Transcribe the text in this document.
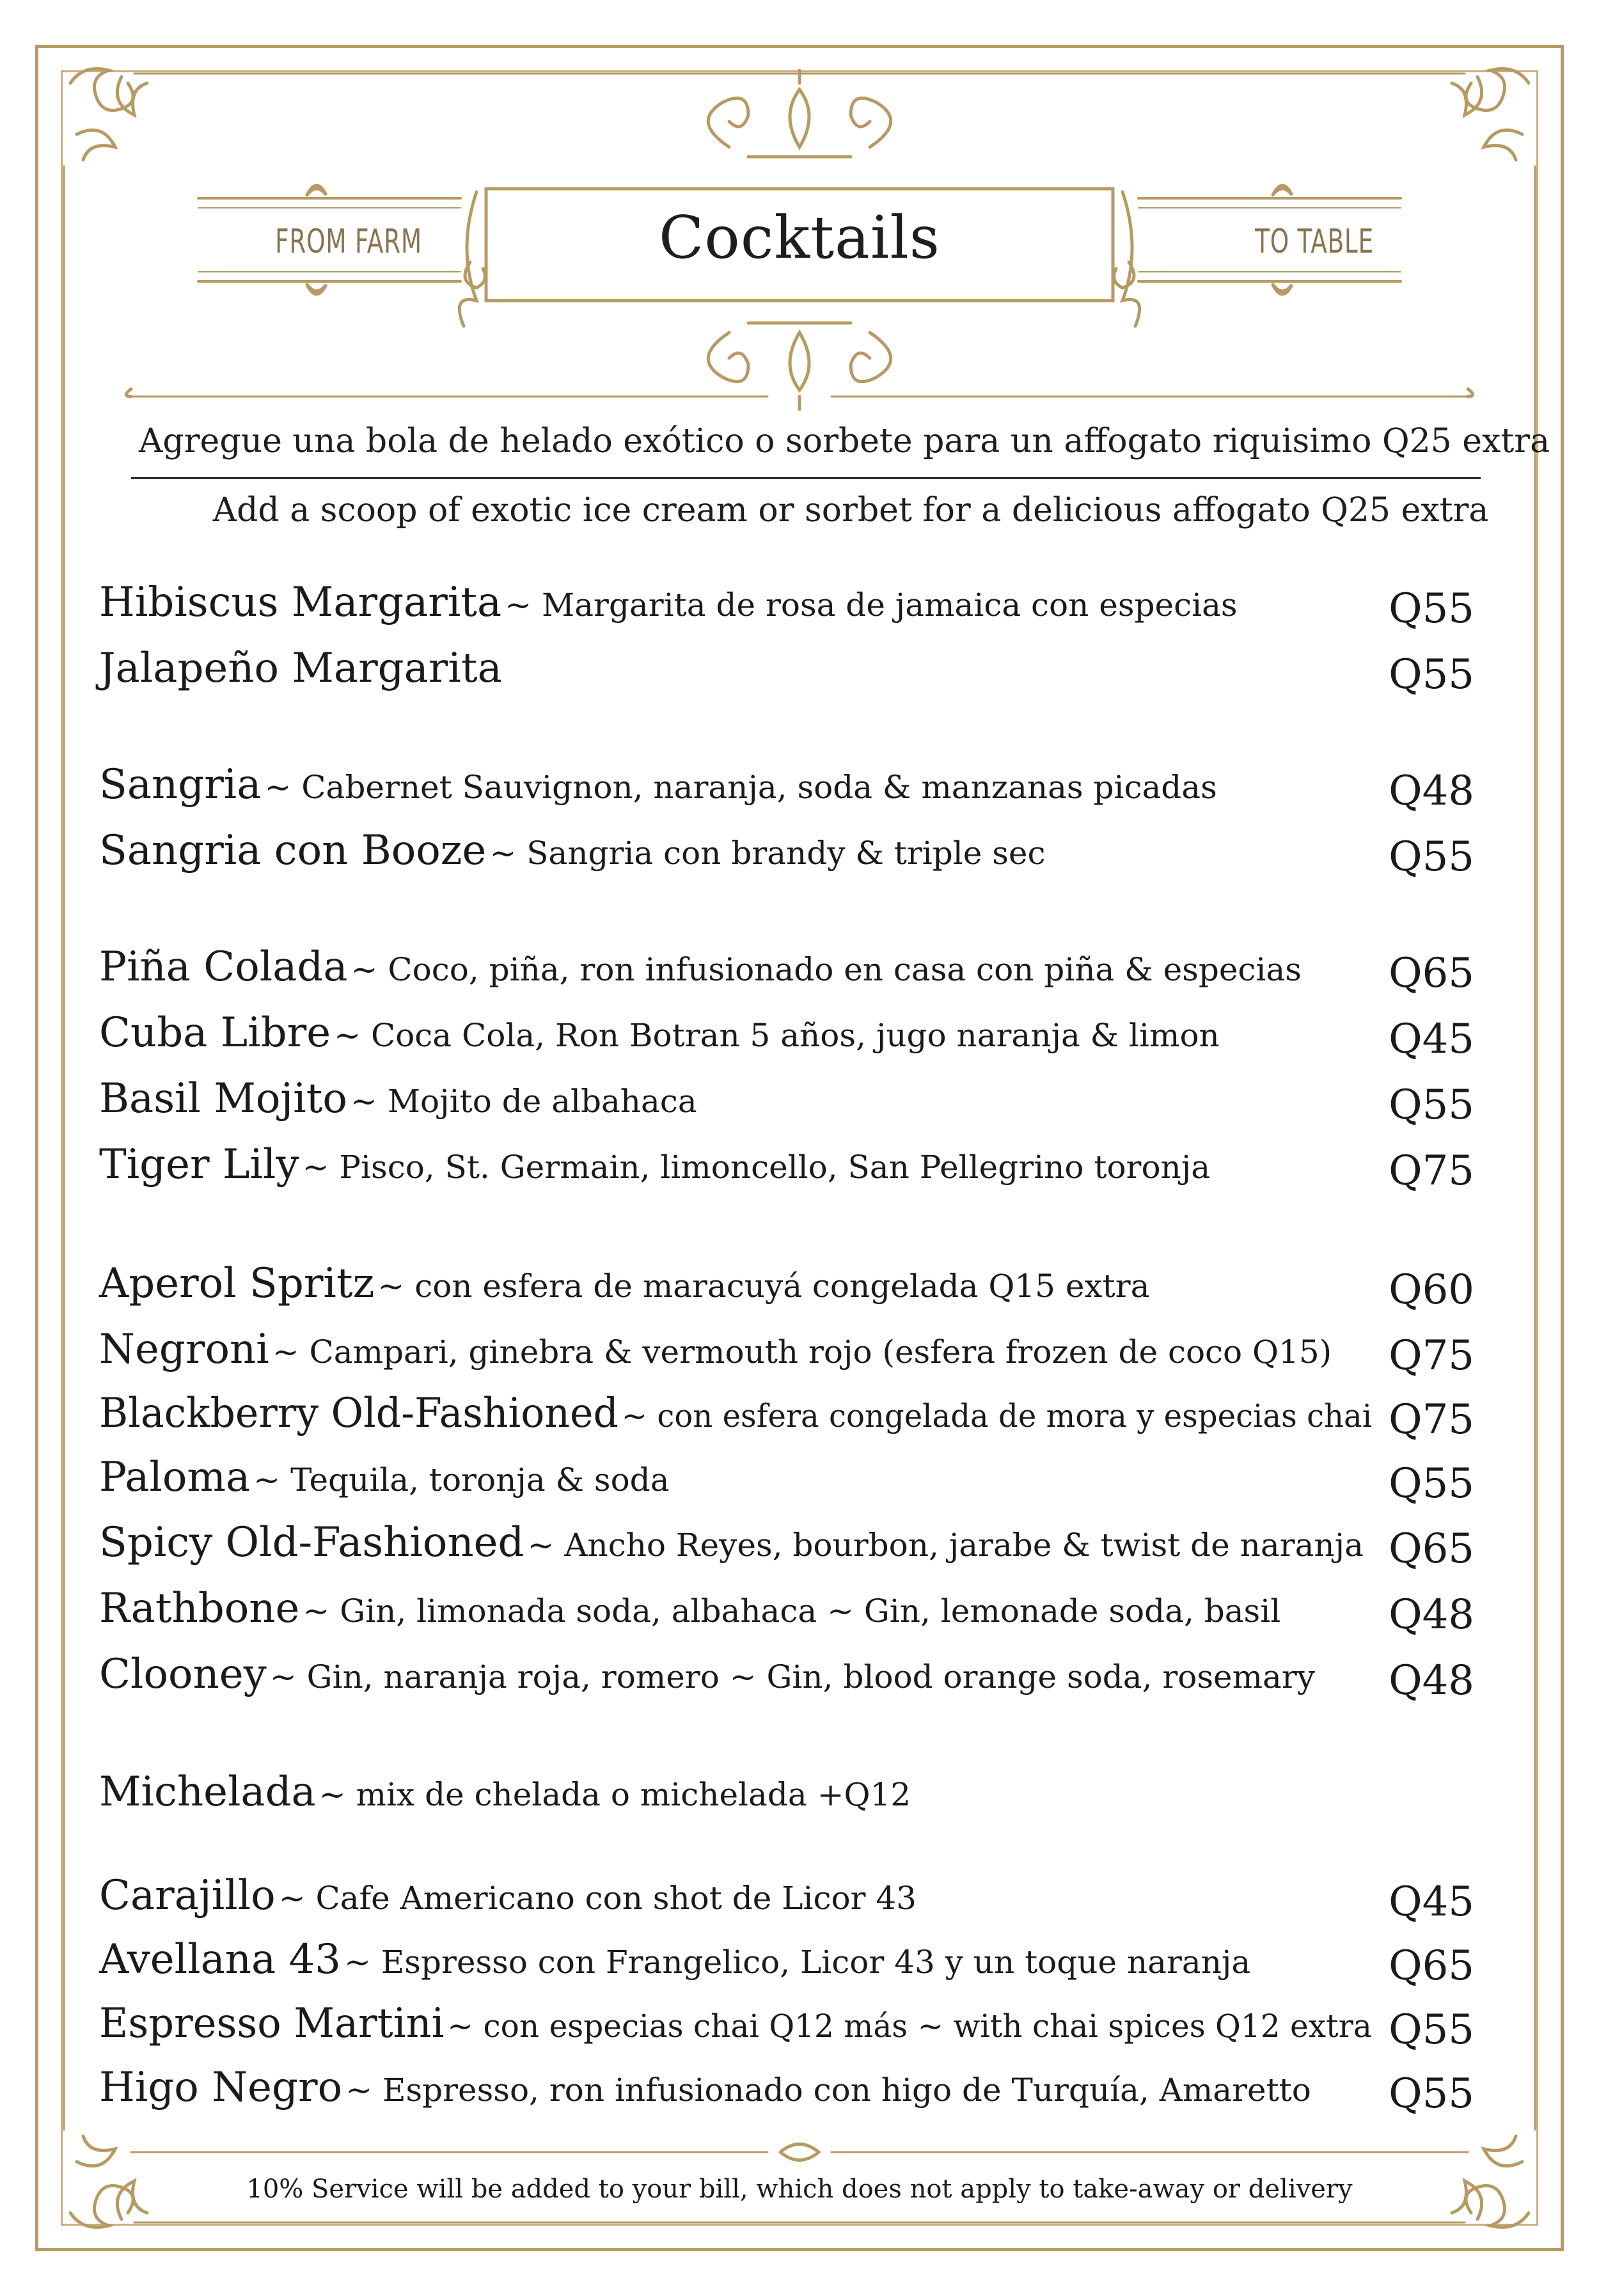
Cocktails
FROM FARM	TO TABLE
Agregue una bola de helado exótico o sorbete para un affogato riquisimo Q25 extra
Add a scoop of exotic ice cream or sorbet for a delicious affogato Q25 extra
Hibiscus Margarita ~ Margarita de rosa de jamaica con especias	Q55
Jalapeño Margarita	Q55
Sangria ~ Cabernet Sauvignon, naranja, soda & manzanas picadas	Q48
Sangria con Booze ~ Sangria con brandy & triple sec	Q55
Piña Colada ~ Coco, piña, ron infusionado en casa con piña & especias Q65
Cuba Libre ~ Coca Cola, Ron Botran 5 años, jugo naranja & limon	Q45
Basil Mojito ~ Mojito de albahaca	Q55
Tiger Lily ~ Pisco, St. Germain, limoncello, San Pellegrino toronja	Q75
Aperol Spritz ~ con esfera de maracuyá congelada Q15 extra	Q60
Negroni ~ Campari, ginebra & vermouth rojo (esfera frozen de coco Q15) Q75
Blackberry Old-Fashioned ~ con esfera congelada de mora y especias chai Q75
Paloma ~ Tequila, toronja & soda	Q55
Spicy Old-Fashioned ~ Ancho Reyes, bourbon, jarabe & twist de naranja Q65
Rathbone ~ Gin, limonada soda, albahaca ~ Gin, lemonade soda, basil	Q48
Clooney ~ Gin, naranja roja, romero ~ Gin, blood orange soda, rosemary Q48
Michelada ~ mix de chelada o michelada +Q12
Carajillo ~ Cafe Americano con shot de Licor 43	Q45
Avellana 43 ~ Espresso con Frangelico, Licor 43 y un toque naranja	Q65
Espresso Martini ~ con especias chai Q12 más ~ with chai spices Q12 extra Q55
Higo Negro ~ Espresso, ron infusionado con higo de Turquía, Amaretto Q55
10% Service will be added to your bill, which does not apply to take-away or delivery
